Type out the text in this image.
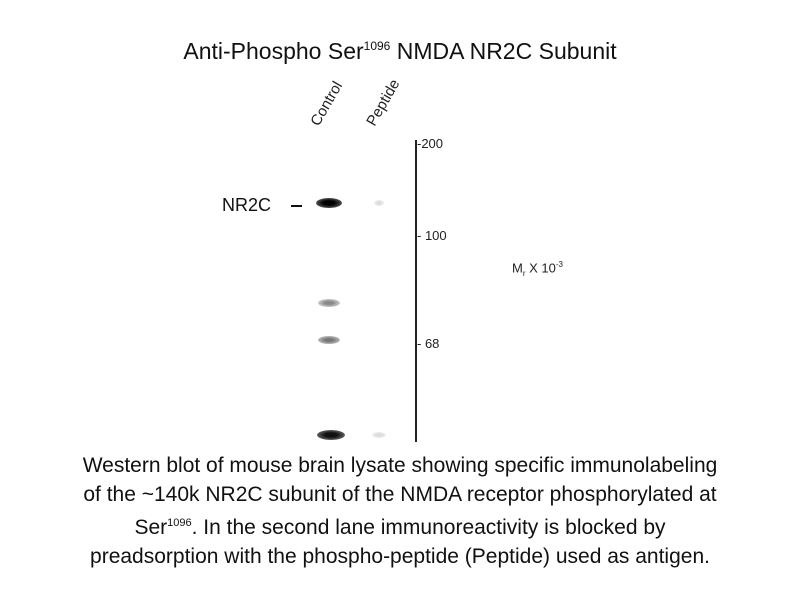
Anti-Phospho Ser$^{1096}$ NMDA NR2C Subunit
Control Peptide
NR2C
-200
- 100
- 68
$M_r$ X $10^{-3}$
Western blot of mouse brain lysate showing specific immunolabeling
of the ~140k NR2C subunit of the NMDA receptor phosphorylated at
Ser$^{1096}$. In the second lane immunoreactivity is blocked by
preadsorption with the phospho-peptide (Peptide) used as antigen.
